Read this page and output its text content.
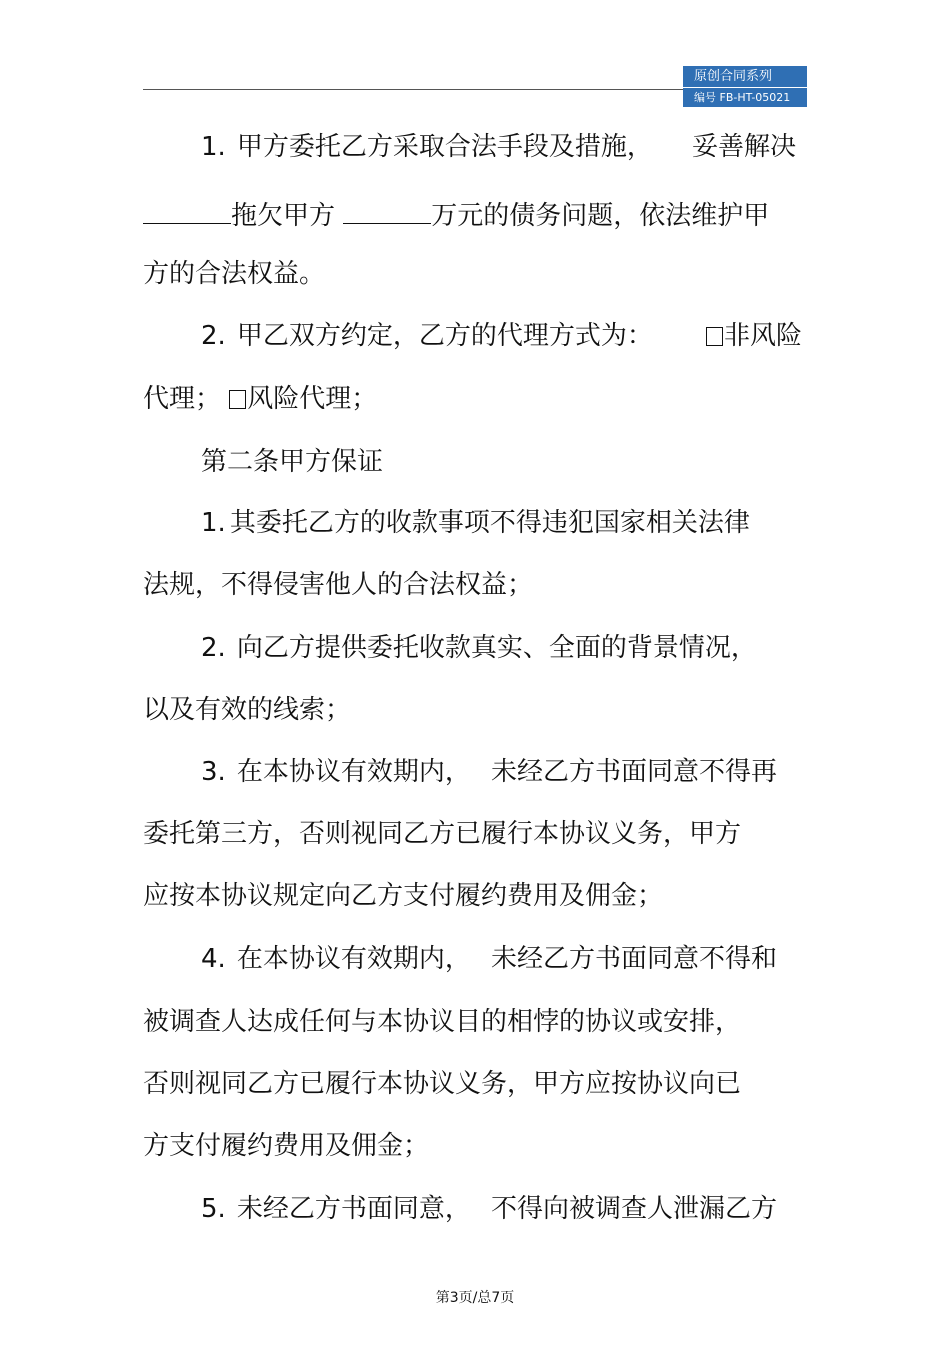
原创合同系列
编号 FB-HT-05021
1. 甲方委托乙方采取合法手段及措施， 妥善解决
拖欠甲方	万元的债务问题，依法维护甲
方的合法权益。
2. 甲乙双方约定，乙方的代理方式为：	非风险
代理； 风险代理；
第二条甲方保证
1. 其委托乙方的收款事项不得违犯国家相关法律
法规，不得侵害他人的合法权益；
2. 向乙方提供委托收款真实、全面的背景情况，
以及有效的线索；
3. 在本协议有效期内， 未经乙方书面同意不得再
委托第三方，否则视同乙方已履行本协议义务，甲方
应按本协议规定向乙方支付履约费用及佣金；
4. 在本协议有效期内， 未经乙方书面同意不得和
被调查人达成任何与本协议目的相悖的协议或安排，
否则视同乙方已履行本协议义务，甲方应按协议向已
方支付履约费用及佣金；
5. 未经乙方书面同意， 不得向被调查人泄漏乙方
第3页/总7页
